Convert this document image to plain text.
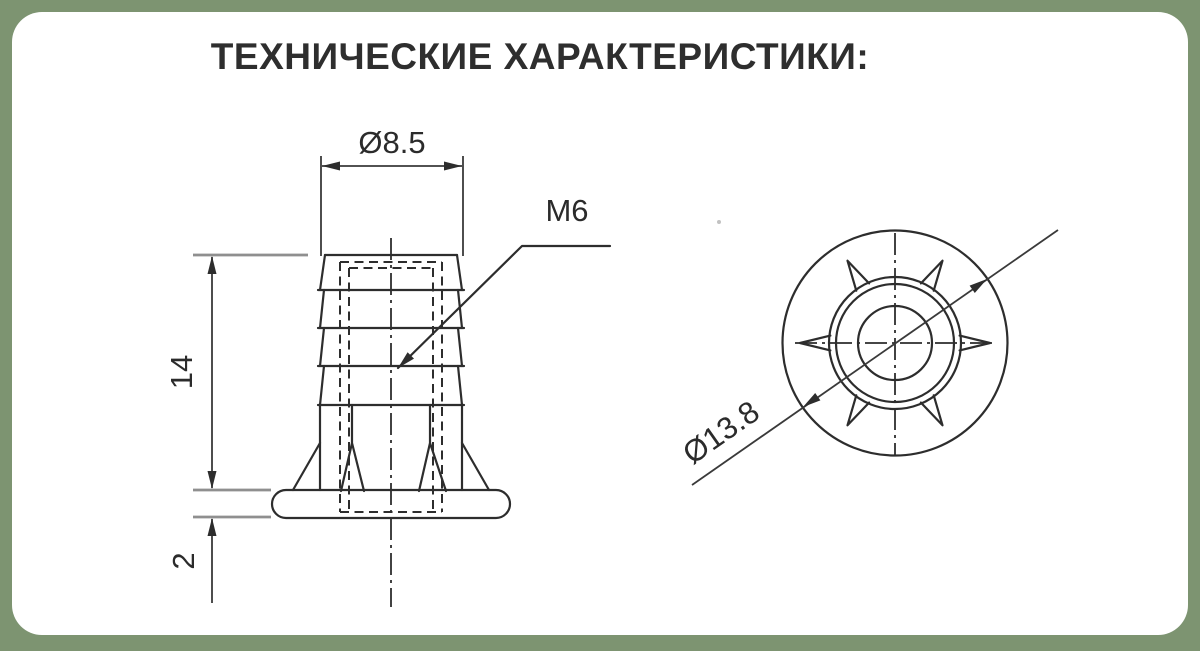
ТЕХНИЧЕСКИЕ ХАРАКТЕРИСТИКИ:
Ø8.5
14
2
M6
Ø13.8
